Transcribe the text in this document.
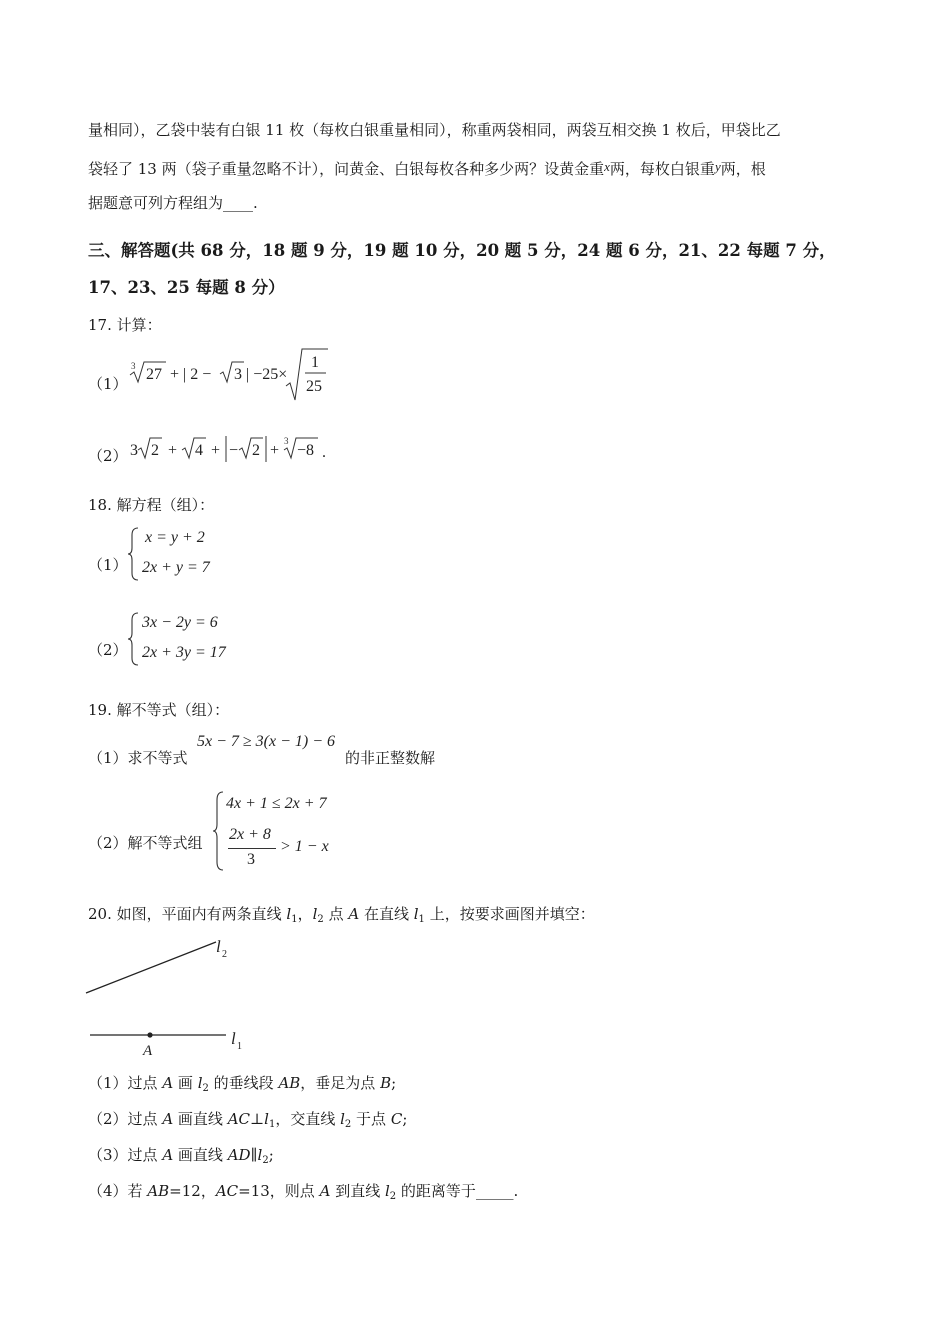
量相同），乙袋中装有白银 11 枚（每枚白银重量相同），称重两袋相同，两袋互相交换 1 枚后，甲袋比乙
袋轻了 13 两（袋子重量忽略不计），问黄金、白银每枚各种多少两？设黄金重x两，每枚白银重y两，根
据题意可列方程组为____.
三、解答题(共 68 分，18 题 9 分，19 题 10 分，20 题 5 分，24 题 6 分，21、22 每题 7 分，
17、23、25 每题 8 分）
17. 计算：
（1）
3 27 + | 2 − 3 | −25×
1
25
（2） 3 2 + 4 + − 2 +
3
−8 .
18. 解方程（组）：
（1）
x = y + 2
2x + y = 7
（2）
3x − 2y = 6
2x + 3y = 17
19. 解不等式（组）：
（1）求不等式
5x − 7 ≥ 3(x − 1) − 6
的非正整数解
（2）解不等式组
4x + 1 ≤ 2x + 7
2x + 8
3
> 1 − x
20. 如图，平面内有两条直线 $l_1$，$l_2$ 点 A 在直线 $l_1$ 上，按要求画图并填空：
l 2
A
l 1
（1）过点 A 画 $l_2$ 的垂线段 AB，垂足为点 B;
（2）过点 A 画直线 $AC\perp l_1$，交直线 $l_2$ 于点 C;
（3）过点 A 画直线 $AD\parallel l_2$;
（4）若 AB=12，AC=13，则点 A 到直线 $l_2$ 的距离等于_____.
